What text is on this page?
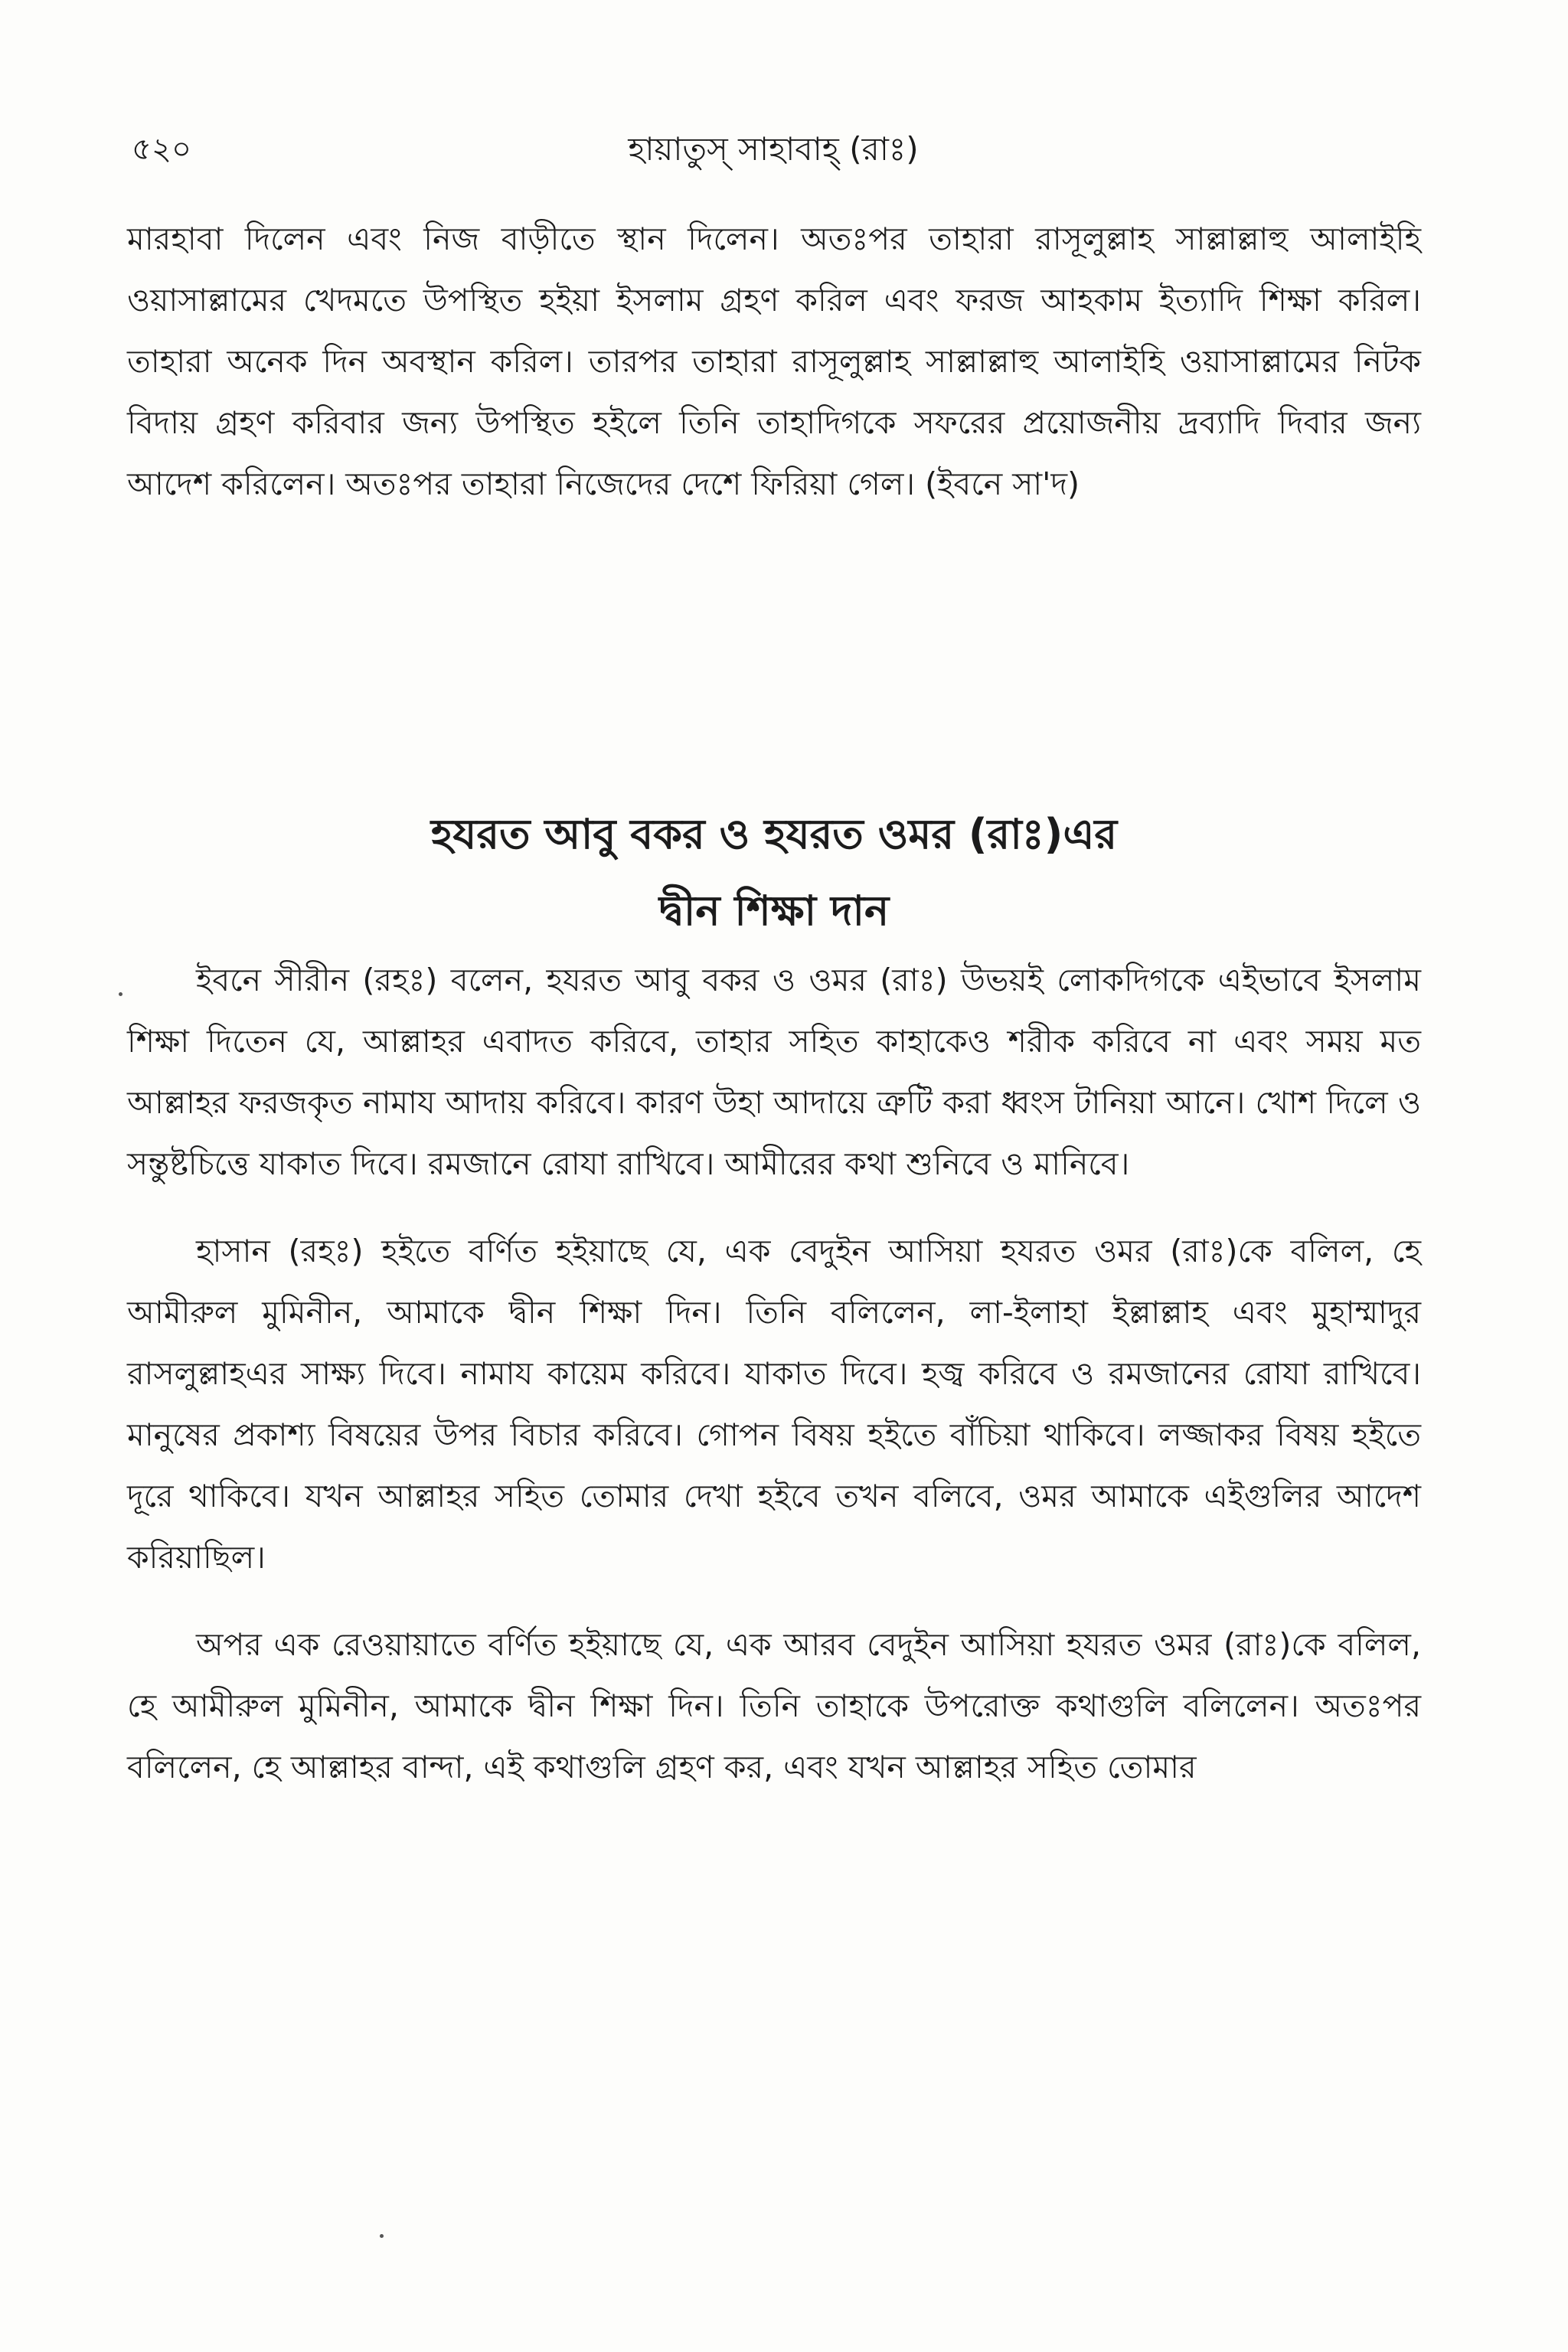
৫২০	হায়াতুস্ সাহাবাহ্ (রাঃ)
মারহাবা দিলেন এবং নিজ বাড়ীতে স্থান দিলেন। অতঃপর তাহারা রাসূলুল্লাহ সাল্লাল্লাহু আলাইহি ওয়াসাল্লামের খেদমতে উপস্থিত হইয়া ইসলাম গ্রহণ করিল এবং ফরজ আহকাম ইত্যাদি শিক্ষা করিল। তাহারা অনেক দিন অবস্থান করিল। তারপর তাহারা রাসূলুল্লাহ সাল্লাল্লাহু আলাইহি ওয়াসাল্লামের নিটক বিদায় গ্রহণ করিবার জন্য উপস্থিত হইলে তিনি তাহাদিগকে সফরের প্রয়োজনীয় দ্রব্যাদি দিবার জন্য আদেশ করিলেন। অতঃপর তাহারা নিজেদের দেশে ফিরিয়া গেল। (ইবনে সা'দ)
হযরত আবু বকর ও হযরত ওমর (রাঃ)এর
দ্বীন শিক্ষা দান

ইবনে সীরীন (রহঃ) বলেন, হযরত আবু বকর ও ওমর (রাঃ) উভয়ই লোকদিগকে এইভাবে ইসলাম শিক্ষা দিতেন যে, আল্লাহর এবাদত করিবে, তাহার সহিত কাহাকেও শরীক করিবে না এবং সময় মত আল্লাহর ফরজকৃত নামায আদায় করিবে। কারণ উহা আদায়ে ত্রুটি করা ধ্বংস টানিয়া আনে। খোশ দিলে ও সন্তুষ্টচিত্তে যাকাত দিবে। রমজানে রোযা রাখিবে। আমীরের কথা শুনিবে ও মানিবে।

হাসান (রহঃ) হইতে বর্ণিত হইয়াছে যে, এক বেদুইন আসিয়া হযরত ওমর (রাঃ)কে বলিল, হে আমীরুল মুমিনীন, আমাকে দ্বীন শিক্ষা দিন। তিনি বলিলেন, লা-ইলাহা ইল্লাল্লাহ এবং মুহাম্মাদুর রাসলুল্লাহএর সাক্ষ্য দিবে। নামায কায়েম করিবে। যাকাত দিবে। হজ্ব করিবে ও রমজানের রোযা রাখিবে। মানুষের প্রকাশ্য বিষয়ের উপর বিচার করিবে। গোপন বিষয় হইতে বাঁচিয়া থাকিবে। লজ্জাকর বিষয় হইতে দূরে থাকিবে। যখন আল্লাহর সহিত তোমার দেখা হইবে তখন বলিবে, ওমর আমাকে এইগুলির আদেশ করিয়াছিল।

অপর এক রেওয়ায়াতে বর্ণিত হইয়াছে যে, এক আরব বেদুইন আসিয়া হযরত ওমর (রাঃ)কে বলিল, হে আমীরুল মুমিনীন, আমাকে দ্বীন শিক্ষা দিন। তিনি তাহাকে উপরোক্ত কথাগুলি বলিলেন। অতঃপর বলিলেন, হে আল্লাহর বান্দা, এই কথাগুলি গ্রহণ কর, এবং যখন আল্লাহর সহিত তোমার
